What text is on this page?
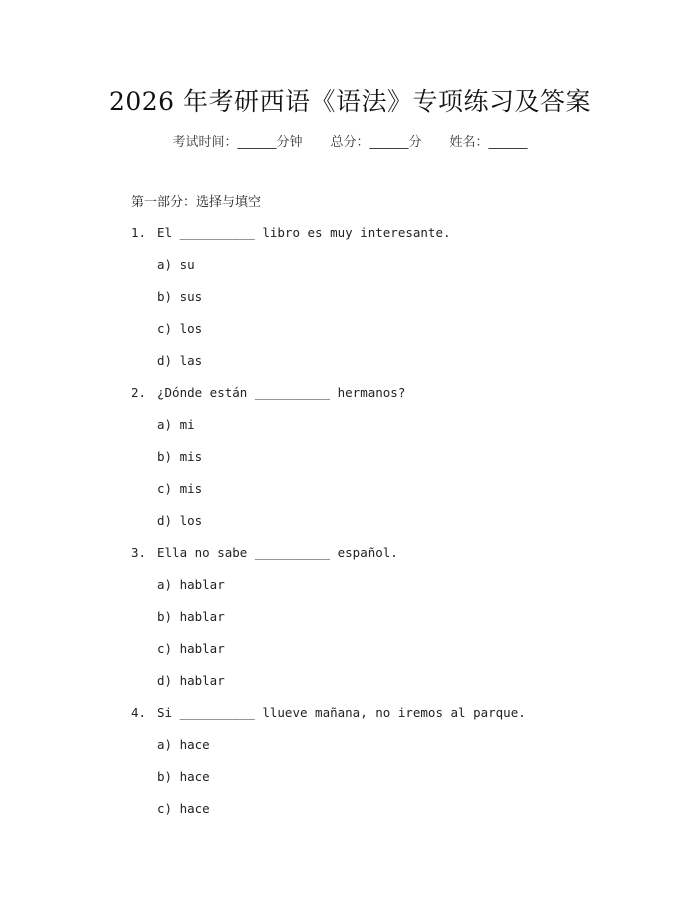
2026 年考研西语《语法》专项练习及答案
考试时间：______分钟 总分：______分 姓名：______
第一部分：选择与填空
1. El __________ libro es muy interesante.
a) su
b) sus
c) los
d) las
2. ¿Dónde están __________ hermanos?
a) mi
b) mis
c) mis
d) los
3. Ella no sabe __________ español.
a) hablar
b) hablar
c) hablar
d) hablar
4. Si __________ llueve mañana, no iremos al parque.
a) hace
b) hace
c) hace
